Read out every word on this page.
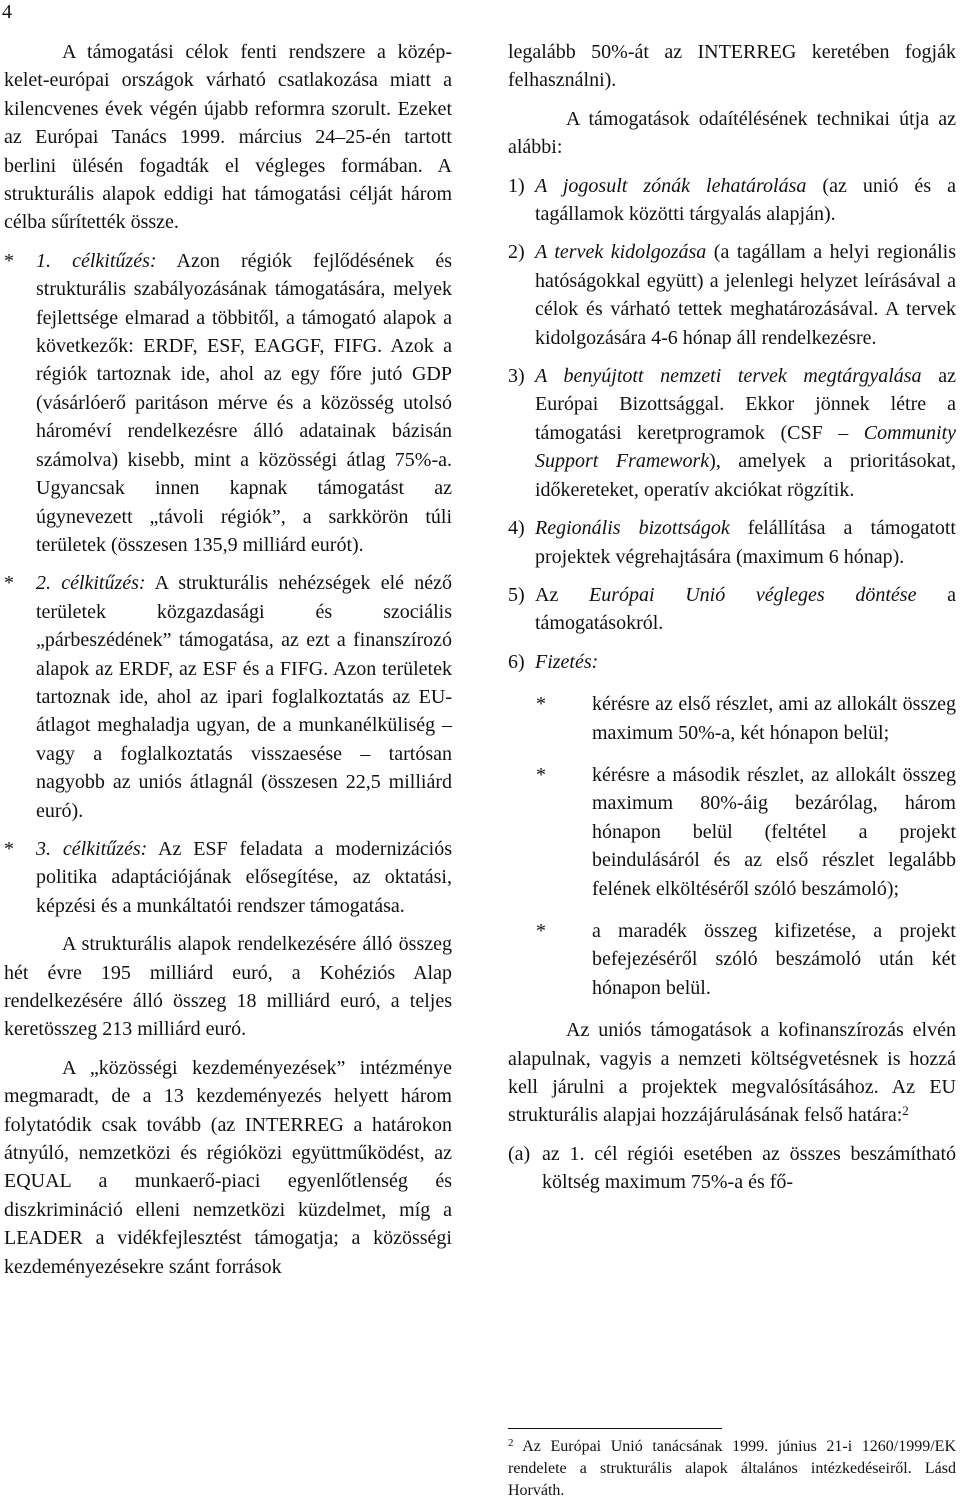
4

A támogatási célok fenti rendszere a közép-kelet-európai országok várható csatlakozása miatt a kilencvenes évek végén újabb reformra szorult. Ezeket az Európai Tanács 1999. március 24–25-én tartott berlini ülésén fogadták el végleges formában. A strukturális alapok eddigi hat támogatási célját három célba sűrítették össze.

* 1. célkitűzés: Azon régiók fejlődésének és strukturális szabályozásának támogatására, melyek fejlettsége elmarad a többitől, a támogató alapok a következők: ERDF, ESF, EAGGF, FIFG. Azok a régiók tartoznak ide, ahol az egy főre jutó GDP (vásárlóerő paritáson mérve és a közösség utolsó hároméví rendelkezésre álló adatainak bázisán számolva) kisebb, mint a közösségi átlag 75%-a. Ugyancsak innen kapnak támogatást az úgynevezett „távoli régiók”, a sarkkörön túli területek (összesen 135,9 milliárd eurót).
* 2. célkitűzés: A strukturális nehézségek elé néző területek közgazdasági és szociális „párbeszédének” támogatása, az ezt a finanszírozó alapok az ERDF, az ESF és a FIFG. Azon területek tartoznak ide, ahol az ipari foglalkoztatás az EU-átlagot meghaladja ugyan, de a munkanélküliség – vagy a foglalkoztatás visszaesése – tartósan nagyobb az uniós átlagnál (összesen 22,5 milliárd euró).
* 3. célkitűzés: Az ESF feladata a modernizációs politika adaptációjának elősegítése, az oktatási, képzési és a munkáltatói rendszer támogatása.

A strukturális alapok rendelkezésére álló összeg hét évre 195 milliárd euró, a Kohéziós Alap rendelkezésére álló összeg 18 milliárd euró, a teljes keretösszeg 213 milliárd euró.

A „közösségi kezdeményezések” intézménye megmaradt, de a 13 kezdeményezés helyett három folytatódik csak tovább (az INTERREG a határokon átnyúló, nemzetközi és régióközi együttműködést, az EQUAL a munkaerő-piaci egyenlőtlenség és diszkrimináció elleni nemzetközi küzdelmet, míg a LEADER a vidékfejlesztést támogatja; a közösségi kezdeményezésekre szánt források

legalább 50%-át az INTERREG keretében fogják felhasználni).

A támogatások odaítélésének technikai útja az alábbi:

1) A jogosult zónák lehatárolása (az unió és a tagállamok közötti tárgyalás alapján).
2) A tervek kidolgozása (a tagállam a helyi regionális hatóságokkal együtt) a jelenlegi helyzet leírásával a célok és várható tettek meghatározásával. A tervek kidolgozására 4-6 hónap áll rendelkezésre.
3) A benyújtott nemzeti tervek megtárgyalása az Európai Bizottsággal. Ekkor jönnek létre a támogatási keretprogramok (CSF – Community Support Framework), amelyek a prioritásokat, időkereteket, operatív akciókat rögzítik.
4) Regionális bizottságok felállítása a támogatott projektek végrehajtására (maximum 6 hónap).
5) Az Európai Unió végleges döntése a támogatásokról.
6) Fizetés:
* kérésre az első részlet, ami az allokált összeg maximum 50%-a, két hónapon belül;
* kérésre a második részlet, az allokált összeg maximum 80%-áig bezárólag, három hónapon belül (feltétel a projekt beindulásáról és az első részlet legalább felének elköltéséről szóló beszámoló);
* a maradék összeg kifizetése, a projekt befejezéséről szóló beszámoló után két hónapon belül.

Az uniós támogatások a kofinanszírozás elvén alapulnak, vagyis a nemzeti költségvetésnek is hozzá kell járulni a projektek megvalósításához. Az EU strukturális alapjai hozzájárulásának felső határa:$^2$

(a) az 1. cél régiói esetében az összes beszámítható költség maximum 75%-a és fő-
$^2$ Az Európai Unió tanácsának 1999. június 21-i 1260/1999/EK rendelete a strukturális alapok általános intézkedéseiről. Lásd Horváth.
